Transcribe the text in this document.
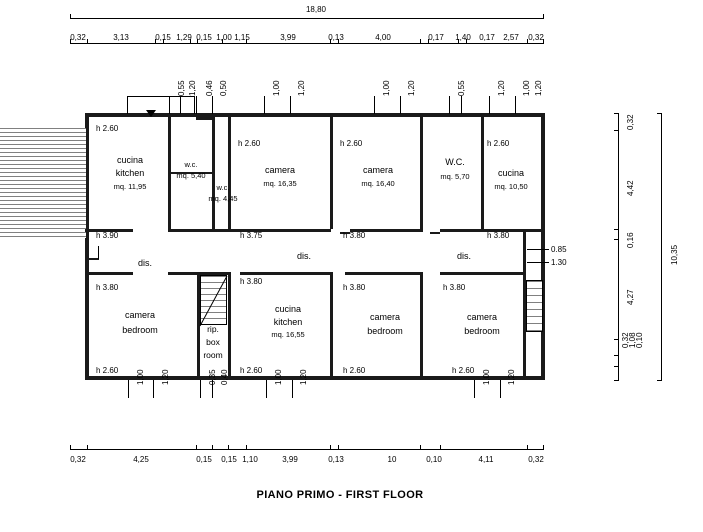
18,80
0,32	3,13	0,15 1,29 0,15 1,00 1,15	3,99	0,13	4,00	0,17 1,40 0,17 2,57 0,32
0,55 1,20 0,46 0,50	1,00 1,20	1,00 1,20	0,55	1,20 1,00 1,20
h 2.60
cucina
kitchen
mq. 11,95
h 3.90
w.c.
mq. 5,40
w.c.
mq. 4,45
h 2.60
camera
mq. 16,35
h 3.75
h 2.60
camera
mq. 16,40
h 3.80
W.C.
mq. 5,70
h 2.60
cucina
mq. 10,50
h 3.80
dis.
dis.	dis.
h 3.80
camera
bedroom
h 2.60
rip.
box
room
h 3.80
cucina
kitchen
mq. 16,55
h 2.60
h 3.80
camera
bedroom
h 2.60
h 3.80
camera
bedroom
h 2.60
0.85
1.30
1,00 1,20	0,35 0,40	1,00 1,20	1,00 1,20
0,32	4,25	0,15 0,15 1,10	3,99	0,13	10	0,10	4,11	0,32
0,32
4,42
0,16
4,27
0,32
1,08
0,10
10,35
PIANO PRIMO - FIRST FLOOR
